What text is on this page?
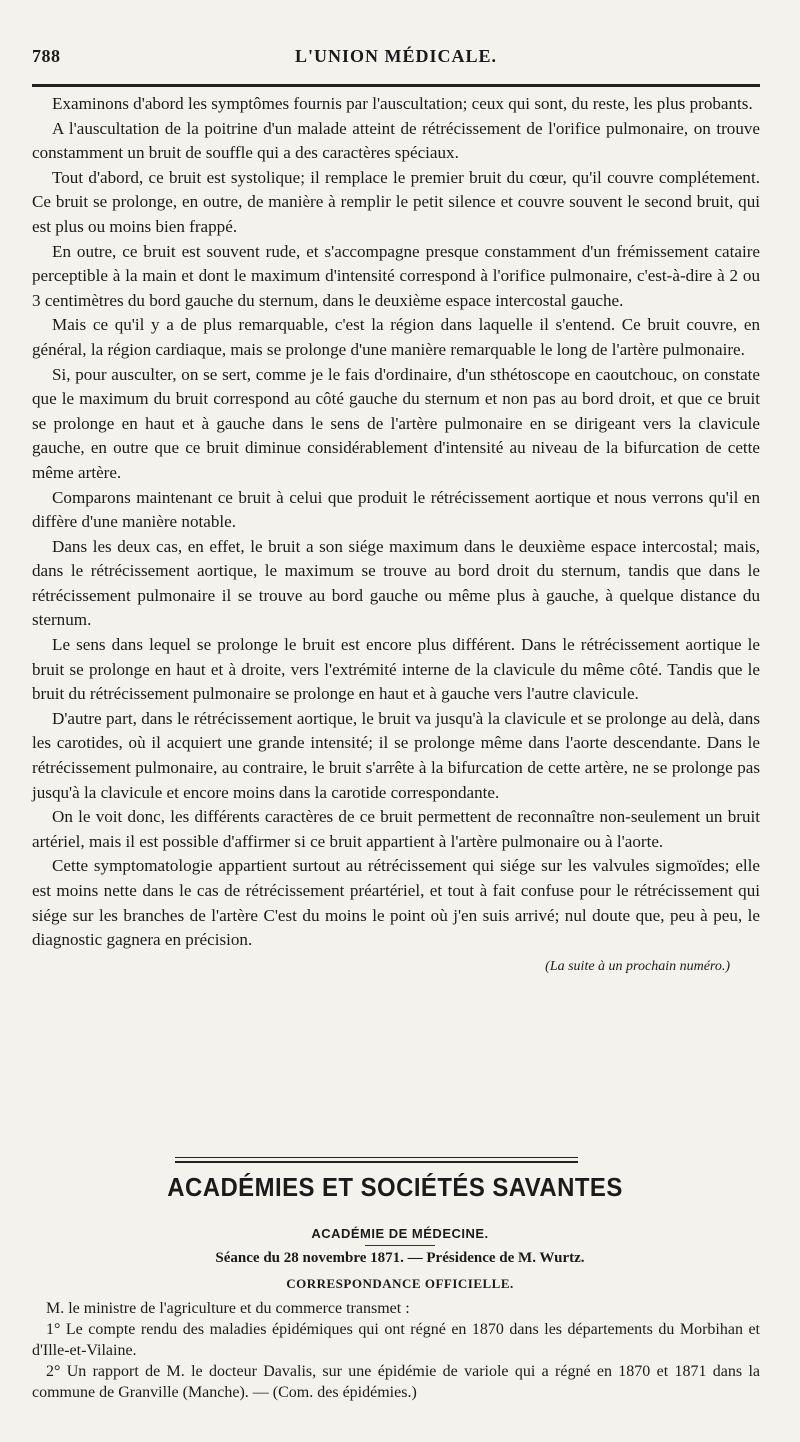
788	L'UNION MÉDICALE.

Examinons d'abord les symptômes fournis par l'auscultation; ceux qui sont, du reste, les plus probants.

A l'auscultation de la poitrine d'un malade atteint de rétrécissement de l'orifice pulmonaire, on trouve constamment un bruit de souffle qui a des caractères spéciaux.

Tout d'abord, ce bruit est systolique; il remplace le premier bruit du cœur, qu'il couvre complétement. Ce bruit se prolonge, en outre, de manière à remplir le petit silence et couvre souvent le second bruit, qui est plus ou moins bien frappé.

En outre, ce bruit est souvent rude, et s'accompagne presque constamment d'un frémissement cataire perceptible à la main et dont le maximum d'intensité correspond à l'orifice pulmonaire, c'est-à-dire à 2 ou 3 centimètres du bord gauche du sternum, dans le deuxième espace intercostal gauche.

Mais ce qu'il y a de plus remarquable, c'est la région dans laquelle il s'entend. Ce bruit couvre, en général, la région cardiaque, mais se prolonge d'une manière remarquable le long de l'artère pulmonaire.

Si, pour ausculter, on se sert, comme je le fais d'ordinaire, d'un sthétoscope en caoutchouc, on constate que le maximum du bruit correspond au côté gauche du sternum et non pas au bord droit, et que ce bruit se prolonge en haut et à gauche dans le sens de l'artère pulmonaire en se dirigeant vers la clavicule gauche, en outre que ce bruit diminue considérablement d'intensité au niveau de la bifurcation de cette même artère.

Comparons maintenant ce bruit à celui que produit le rétrécissement aortique et nous verrons qu'il en diffère d'une manière notable.

Dans les deux cas, en effet, le bruit a son siége maximum dans le deuxième espace intercostal; mais, dans le rétrécissement aortique, le maximum se trouve au bord droit du sternum, tandis que dans le rétrécissement pulmonaire il se trouve au bord gauche ou même plus à gauche, à quelque distance du sternum.

Le sens dans lequel se prolonge le bruit est encore plus différent. Dans le rétrécissement aortique le bruit se prolonge en haut et à droite, vers l'extrémité interne de la clavicule du même côté. Tandis que le bruit du rétrécissement pulmonaire se prolonge en haut et à gauche vers l'autre clavicule.

D'autre part, dans le rétrécissement aortique, le bruit va jusqu'à la clavicule et se prolonge au delà, dans les carotides, où il acquiert une grande intensité; il se prolonge même dans l'aorte descendante. Dans le rétrécissement pulmonaire, au contraire, le bruit s'arrête à la bifurcation de cette artère, ne se prolonge pas jusqu'à la clavicule et encore moins dans la carotide correspondante.

On le voit donc, les différents caractères de ce bruit permettent de reconnaître non-seulement un bruit artériel, mais il est possible d'affirmer si ce bruit appartient à l'artère pulmonaire ou à l'aorte.

Cette symptomatologie appartient surtout au rétrécissement qui siége sur les valvules sigmoïdes; elle est moins nette dans le cas de rétrécissement préartériel, et tout à fait confuse pour le rétrécissement qui siége sur les branches de l'artère C'est du moins le point où j'en suis arrivé; nul doute que, peu à peu, le diagnostic gagnera en précision.

(La suite à un prochain numéro.)
ACADÉMIES ET SOCIÉTÉS SAVANTES
ACADÉMIE DE MÉDECINE.
Séance du 28 novembre 1871. — Présidence de M. Wurtz.
CORRESPONDANCE OFFICIELLE.

M. le ministre de l'agriculture et du commerce transmet :

1° Le compte rendu des maladies épidémiques qui ont régné en 1870 dans les départements du Morbihan et d'Ille-et-Vilaine.

2° Un rapport de M. le docteur Davalis, sur une épidémie de variole qui a régné en 1870 et 1871 dans la commune de Granville (Manche). — (Com. des épidémies.)
